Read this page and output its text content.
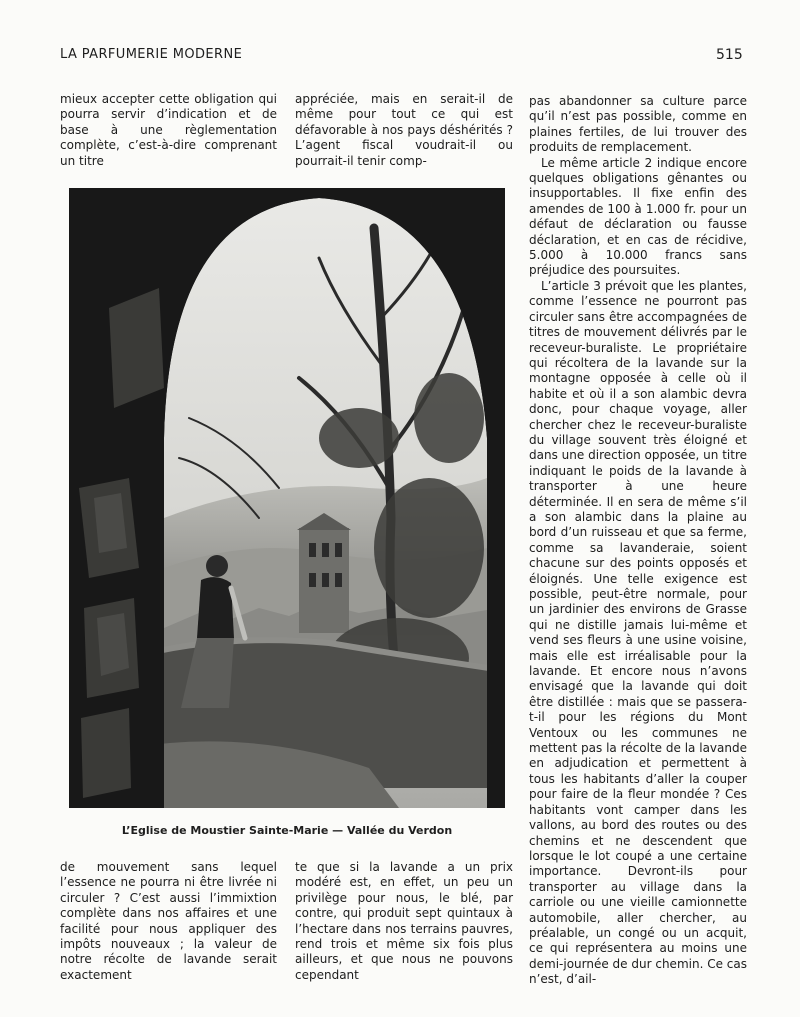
LA PARFUMERIE MODERNE	515

mieux accepter cette obligation qui pourra servir d’indication et de base à une règlementation complète, c’est-à-dire comprenant un titre

appréciée, mais en serait-il de même pour tout ce qui est défavorable à nos pays déshérités ? L’agent fiscal voudrait-il ou pourrait-il tenir comp-

pas abandonner sa culture parce qu’il n’est pas possible, comme en plaines fertiles, de lui trouver des produits de remplacement.

Le même article 2 indique encore quelques obligations gênantes ou insupportables. Il fixe enfin des amendes de 100 à 1.000 fr. pour un défaut de déclaration ou fausse déclaration, et en cas de récidive, 5.000 à 10.000 francs sans préjudice des poursuites.

L’article 3 prévoit que les plantes, comme l’essence ne pourront pas circuler sans être accompagnées de titres de mouvement délivrés par le receveur-buraliste. Le propriétaire qui récoltera de la lavande sur la montagne opposée à celle où il habite et où il a son alambic devra donc, pour chaque voyage, aller chercher chez le receveur-buraliste du village souvent très éloigné et dans une direction opposée, un titre indiquant le poids de la lavande à transporter à une heure déterminée. Il en sera de même s’il a son alambic dans la plaine au bord d’un ruisseau et que sa ferme, comme sa lavanderaie, soient chacune sur des points opposés et éloignés. Une telle exigence est possible, peut-être normale, pour un jardinier des environs de Grasse qui ne distille jamais lui-même et vend ses fleurs à une usine voisine, mais elle est irréalisable pour la lavande. Et encore nous n’avons envisagé que la lavande qui doit être distillée : mais que se passera-t-il pour les régions du Mont Ventoux ou les communes ne mettent pas la récolte de la lavande en adjudication et permettent à tous les habitants d’aller la couper pour faire de la fleur mondée ? Ces habitants vont camper dans les vallons, au bord des routes ou des chemins et ne descendent que lorsque le lot coupé a une certaine importance. Devront-ils pour transporter au village dans la carriole ou une vieille camionnette automobile, aller chercher, au préalable, un congé ou un acquit, ce qui représentera au moins une demi-journée de dur chemin. Ce cas n’est, d’ail-

L’Eglise de Moustier Sainte-Marie — Vallée du Verdon

de mouvement sans lequel l’essence ne pourra ni être livrée ni circuler ? C’est aussi l’immixtion complète dans nos affaires et une facilité pour nous appliquer des impôts nouveaux ; la valeur de notre récolte de lavande serait exactement

te que si la lavande a un prix modéré est, en effet, un peu un privilège pour nous, le blé, par contre, qui produit sept quintaux à l’hectare dans nos terrains pauvres, rend trois et même six fois plus ailleurs, et que nous ne pouvons cependant
